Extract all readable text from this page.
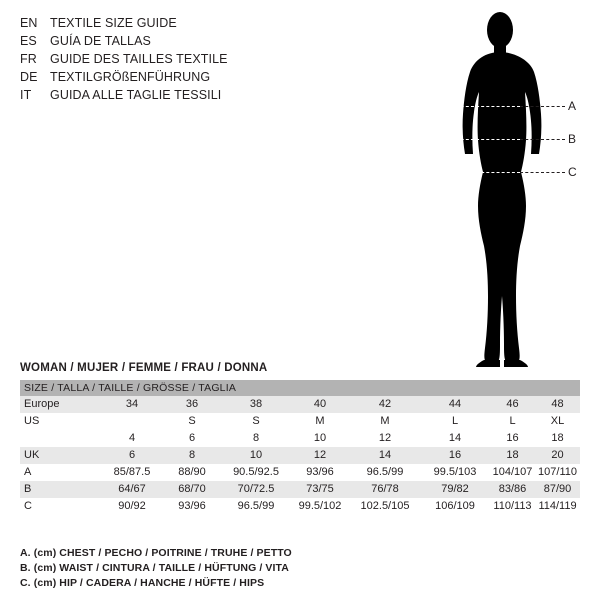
EN TEXTILE SIZE GUIDE
ES	GUÍA DE TALLAS
FR	GUIDE DES TAILLES TEXTILE
DE TEXTILGRÖßENFÜHRUNG
IT	GUIDA ALLE TAGLIE TESSILI
A
B
C
WOMAN / MUJER / FEMME / FRAU / DONNA
SIZE / TALLA / TAILLE / GRÖSSE / TAGLIA								
Europe	34	36	38	40	42	44	46	48
US		S	S	M	M	L	L	XL
	4	6	8	10	12	14	16	18
UK	6	8	10	12	14	16	18	20
A	85/87.5	88/90	90.5/92.5	93/96	96.5/99	99.5/103	104/107	107/110
B	64/67	68/70	70/72.5	73/75	76/78	79/82	83/86	87/90
C	90/92	93/96	96.5/99	99.5/102	102.5/105	106/109	110/113	114/119
A. (cm) CHEST / PECHO / POITRINE / TRUHE / PETTO
B. (cm) WAIST / CINTURA / TAILLE / HÜFTUNG / VITA
C. (cm) HIP / CADERA / HANCHE / HÜFTE / HIPS
